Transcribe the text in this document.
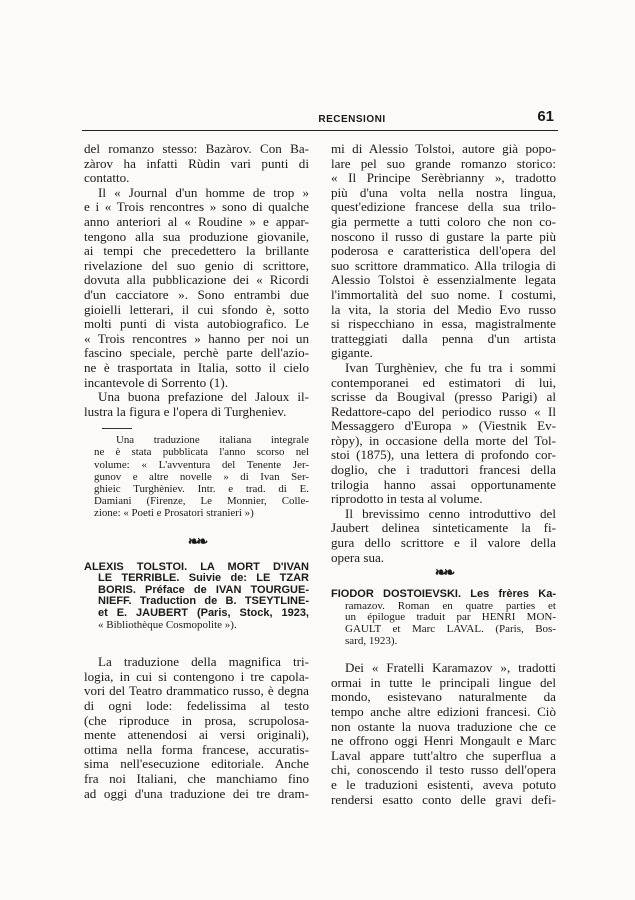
RECENSIONI	61
del romanzo stesso: Bazàrov. Con Ba-
zàrov ha infatti Rùdin vari punti di
contatto.
Il « Journal d'un homme de trop »
e i « Trois rencontres » sono di qualche
anno anteriori al « Roudine » e appar-
tengono alla sua produzione giovanile,
ai tempi che precedettero la brillante
rivelazione del suo genio di scrittore,
dovuta alla pubblicazione dei « Ricordi
d'un cacciatore ». Sono entrambi due
gioielli letterari, il cui sfondo è, sotto
molti punti di vista autobiografico. Le
« Trois rencontres » hanno per noi un
fascino speciale, perchè parte dell'azio-
ne è trasportata in Italia, sotto il cielo
incantevole di Sorrento (1).
Una buona prefazione del Jaloux il-
lustra la figura e l'opera di Turgheniev.
Una traduzione italiana integrale
ne è stata pubblicata l'anno scorso nel
volume: « L'avventura del Tenente Jer-
gunov e altre novelle » di Ivan Ser-
ghieic Turghèniev. Intr. e trad. di E.
Damiani (Firenze, Le Monnier, Colle-
zione: « Poeti e Prosatori stranieri »)
❧❧
ALEXIS TOLSTOI. LA MORT D'IVAN
LE TERRIBLE. Suivie de: LE TZAR
BORIS. Préface de IVAN TOURGUE-
NIEFF. Traduction de B. TSEYTLINE-
et E. JAUBERT (Paris, Stock, 1923,
« Bibliothèque Cosmopolite »).
La traduzione della magnifica tri-
logia, in cui si contengono i tre capola-
vori del Teatro drammatico russo, è degna
di ogni lode: fedelissima al testo
(che riproduce in prosa, scrupolosa-
mente attenendosi ai versi originali),
ottima nella forma francese, accuratis-
sima nell'esecuzione editoriale. Anche
fra noi Italiani, che manchiamo fino
ad oggi d'una traduzione dei tre dram-
mi di Alessio Tolstoi, autore già popo-
lare pel suo grande romanzo storico:
« Il Principe Serèbrianny », tradotto
più d'una volta nella nostra lingua,
quest'edizione francese della sua trilo-
gia permette a tutti coloro che non co-
noscono il russo di gustare la parte più
poderosa e caratteristica dell'opera del
suo scrittore drammatico. Alla trilogia di
Alessio Tolstoi è essenzialmente legata
l'immortalità del suo nome. I costumi,
la vita, la storia del Medio Evo russo
si rispecchiano in essa, magistralmente
tratteggiati dalla penna d'un artista
gigante.
Ivan Turghèniev, che fu tra i sommi
contemporanei ed estimatori di lui,
scrisse da Bougival (presso Parigi) al
Redattore-capo del periodico russo « Il
Messaggero d'Europa » (Viestnik Ev-
ròpy), in occasione della morte del Tol-
stoi (1875), una lettera di profondo cor-
doglio, che i traduttori francesi della
trilogia hanno assai opportunamente
riprodotto in testa al volume.
Il brevissimo cenno introduttivo del
Jaubert delinea sinteticamente la fi-
gura dello scrittore e il valore della
opera sua.
❧❧
FIODOR DOSTOIEVSKI. Les frères Ka-
ramazov. Roman en quatre parties et
un épilogue traduit par HENRI MON-
GAULT et Marc LAVAL. (Paris, Bos-
sard, 1923).
Dei « Fratelli Karamazov », tradotti
ormai in tutte le principali lingue del
mondo, esistevano naturalmente da
tempo anche altre edizioni francesi. Ciò
non ostante la nuova traduzione che ce
ne offrono oggi Henri Mongault e Marc
Laval appare tutt'altro che superflua a
chi, conoscendo il testo russo dell'opera
e le traduzioni esistenti, aveva potuto
rendersi esatto conto delle gravi defi-
